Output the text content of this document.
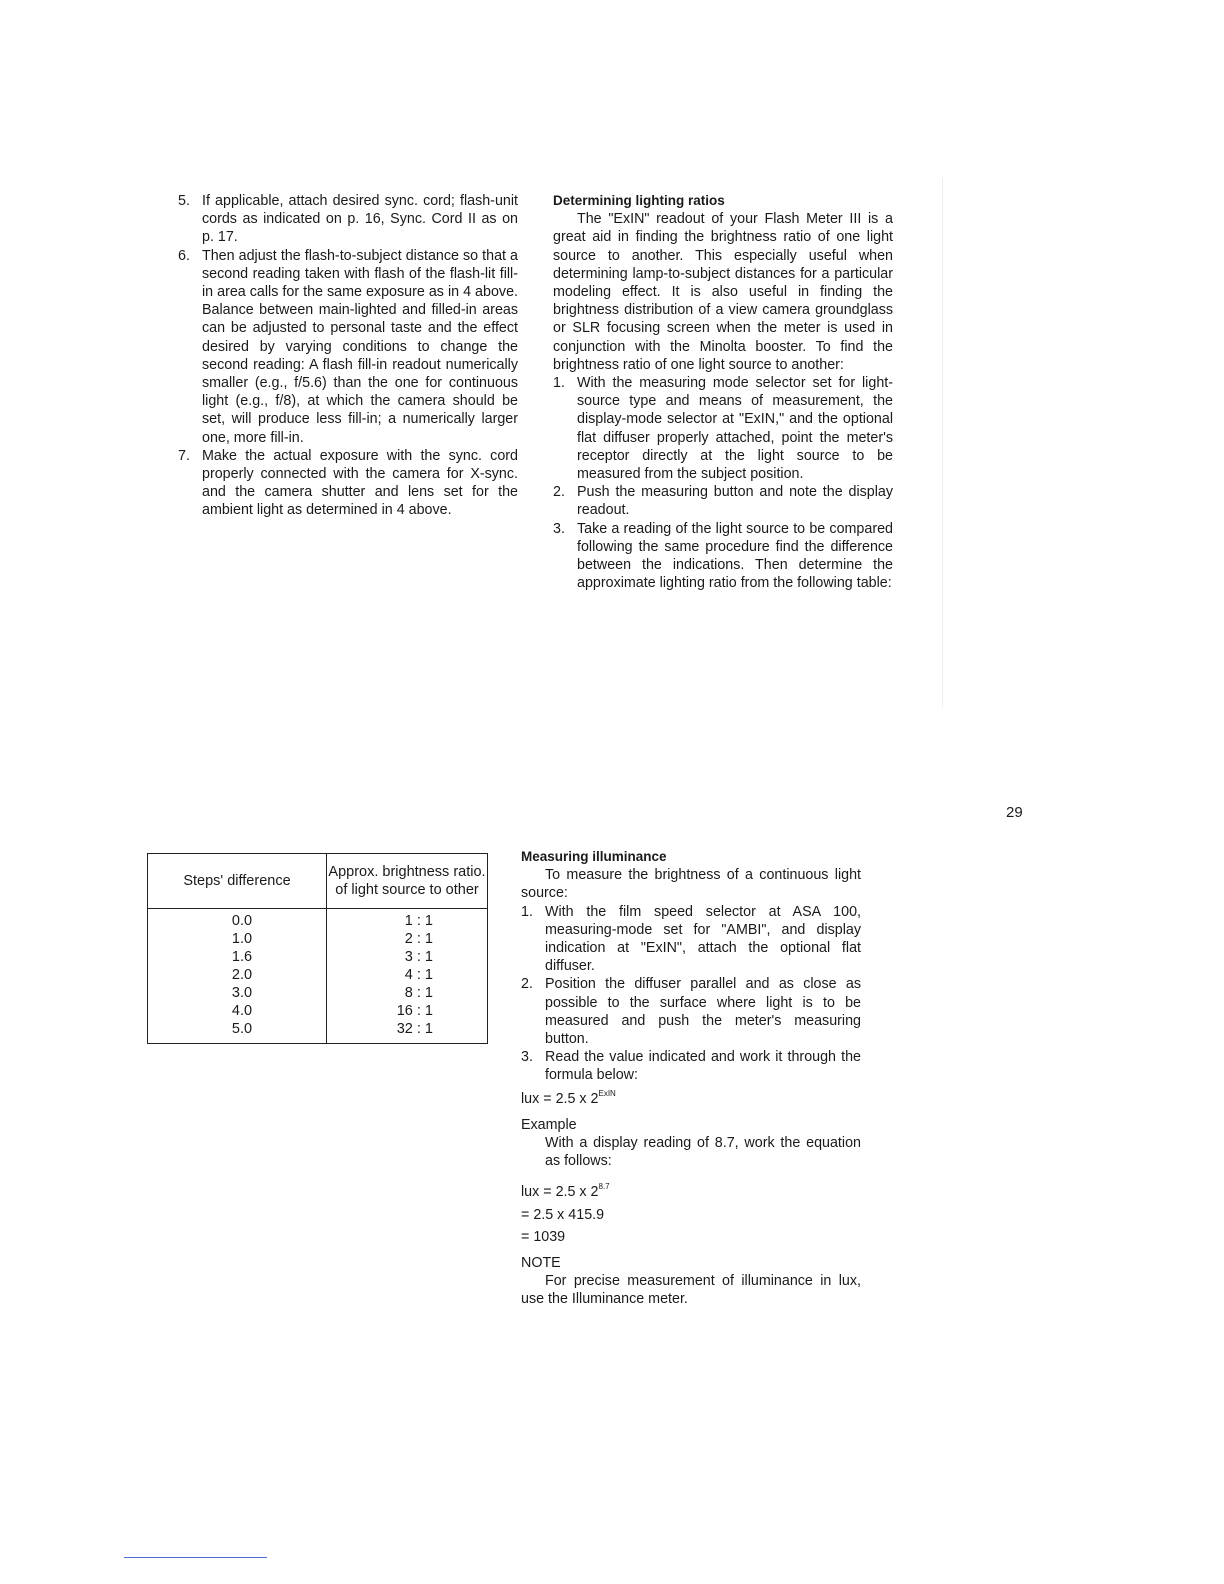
5. If applicable, attach desired sync. cord; flash-unit cords as indicated on p. 16, Sync. Cord II as on p. 17.
6. Then adjust the flash-to-subject distance so that a second reading taken with flash of the flash-lit fill-in area calls for the same exposure as in 4 above. Balance between main-lighted and filled-in areas can be adjusted to personal taste and the effect desired by varying conditions to change the second reading: A flash fill-in readout numerically smaller (e.g., f/5.6) than the one for continuous light (e.g., f/8), at which the camera should be set, will produce less fill-in; a numerically larger one, more fill-in.
7. Make the actual exposure with the sync. cord properly connected with the camera for X-sync. and the camera shutter and lens set for the ambient light as determined in 4 above.

Determining lighting ratios

The "ExIN" readout of your Flash Meter III is a great aid in finding the brightness ratio of one light source to another. This especially useful when determining lamp-to-subject distances for a particular modeling effect. It is also useful in finding the brightness distribution of a view camera groundglass or SLR focusing screen when the meter is used in conjunction with the Minolta booster. To find the brightness ratio of one light source to another:

1. With the measuring mode selector set for light-source type and means of measurement, the display-mode selector at "ExIN," and the optional flat diffuser properly attached, point the meter's receptor directly at the light source to be measured from the subject position.
2. Push the measuring button and note the display readout.
3. Take a reading of the light source to be compared following the same procedure find the difference between the indications. Then determine the approximate lighting ratio from the following table:
29
Steps' difference	Approx. brightness ratio. of light source to other
0.0	1 : 1
1.0	2 : 1
1.6	3 : 1
2.0	4 : 1
3.0	8 : 1
4.0	16 : 1
5.0	32 : 1

Measuring illuminance

To measure the brightness of a continuous light source:

1. With the film speed selector at ASA 100, measuring-mode set for "AMBI", and display indication at "ExIN", attach the optional flat diffuser.
2. Position the diffuser parallel and as close as possible to the surface where light is to be measured and push the meter's measuring button.
3. Read the value indicated and work it through the formula below:

lux = 2.5 x $2^{ExIN}$

Example

With a display reading of 8.7, work the equation as follows:

lux = 2.5 x $2^{8.7}$

= 2.5 x 415.9

= 1039

NOTE

For precise measurement of illuminance in lux, use the Illuminance meter.
